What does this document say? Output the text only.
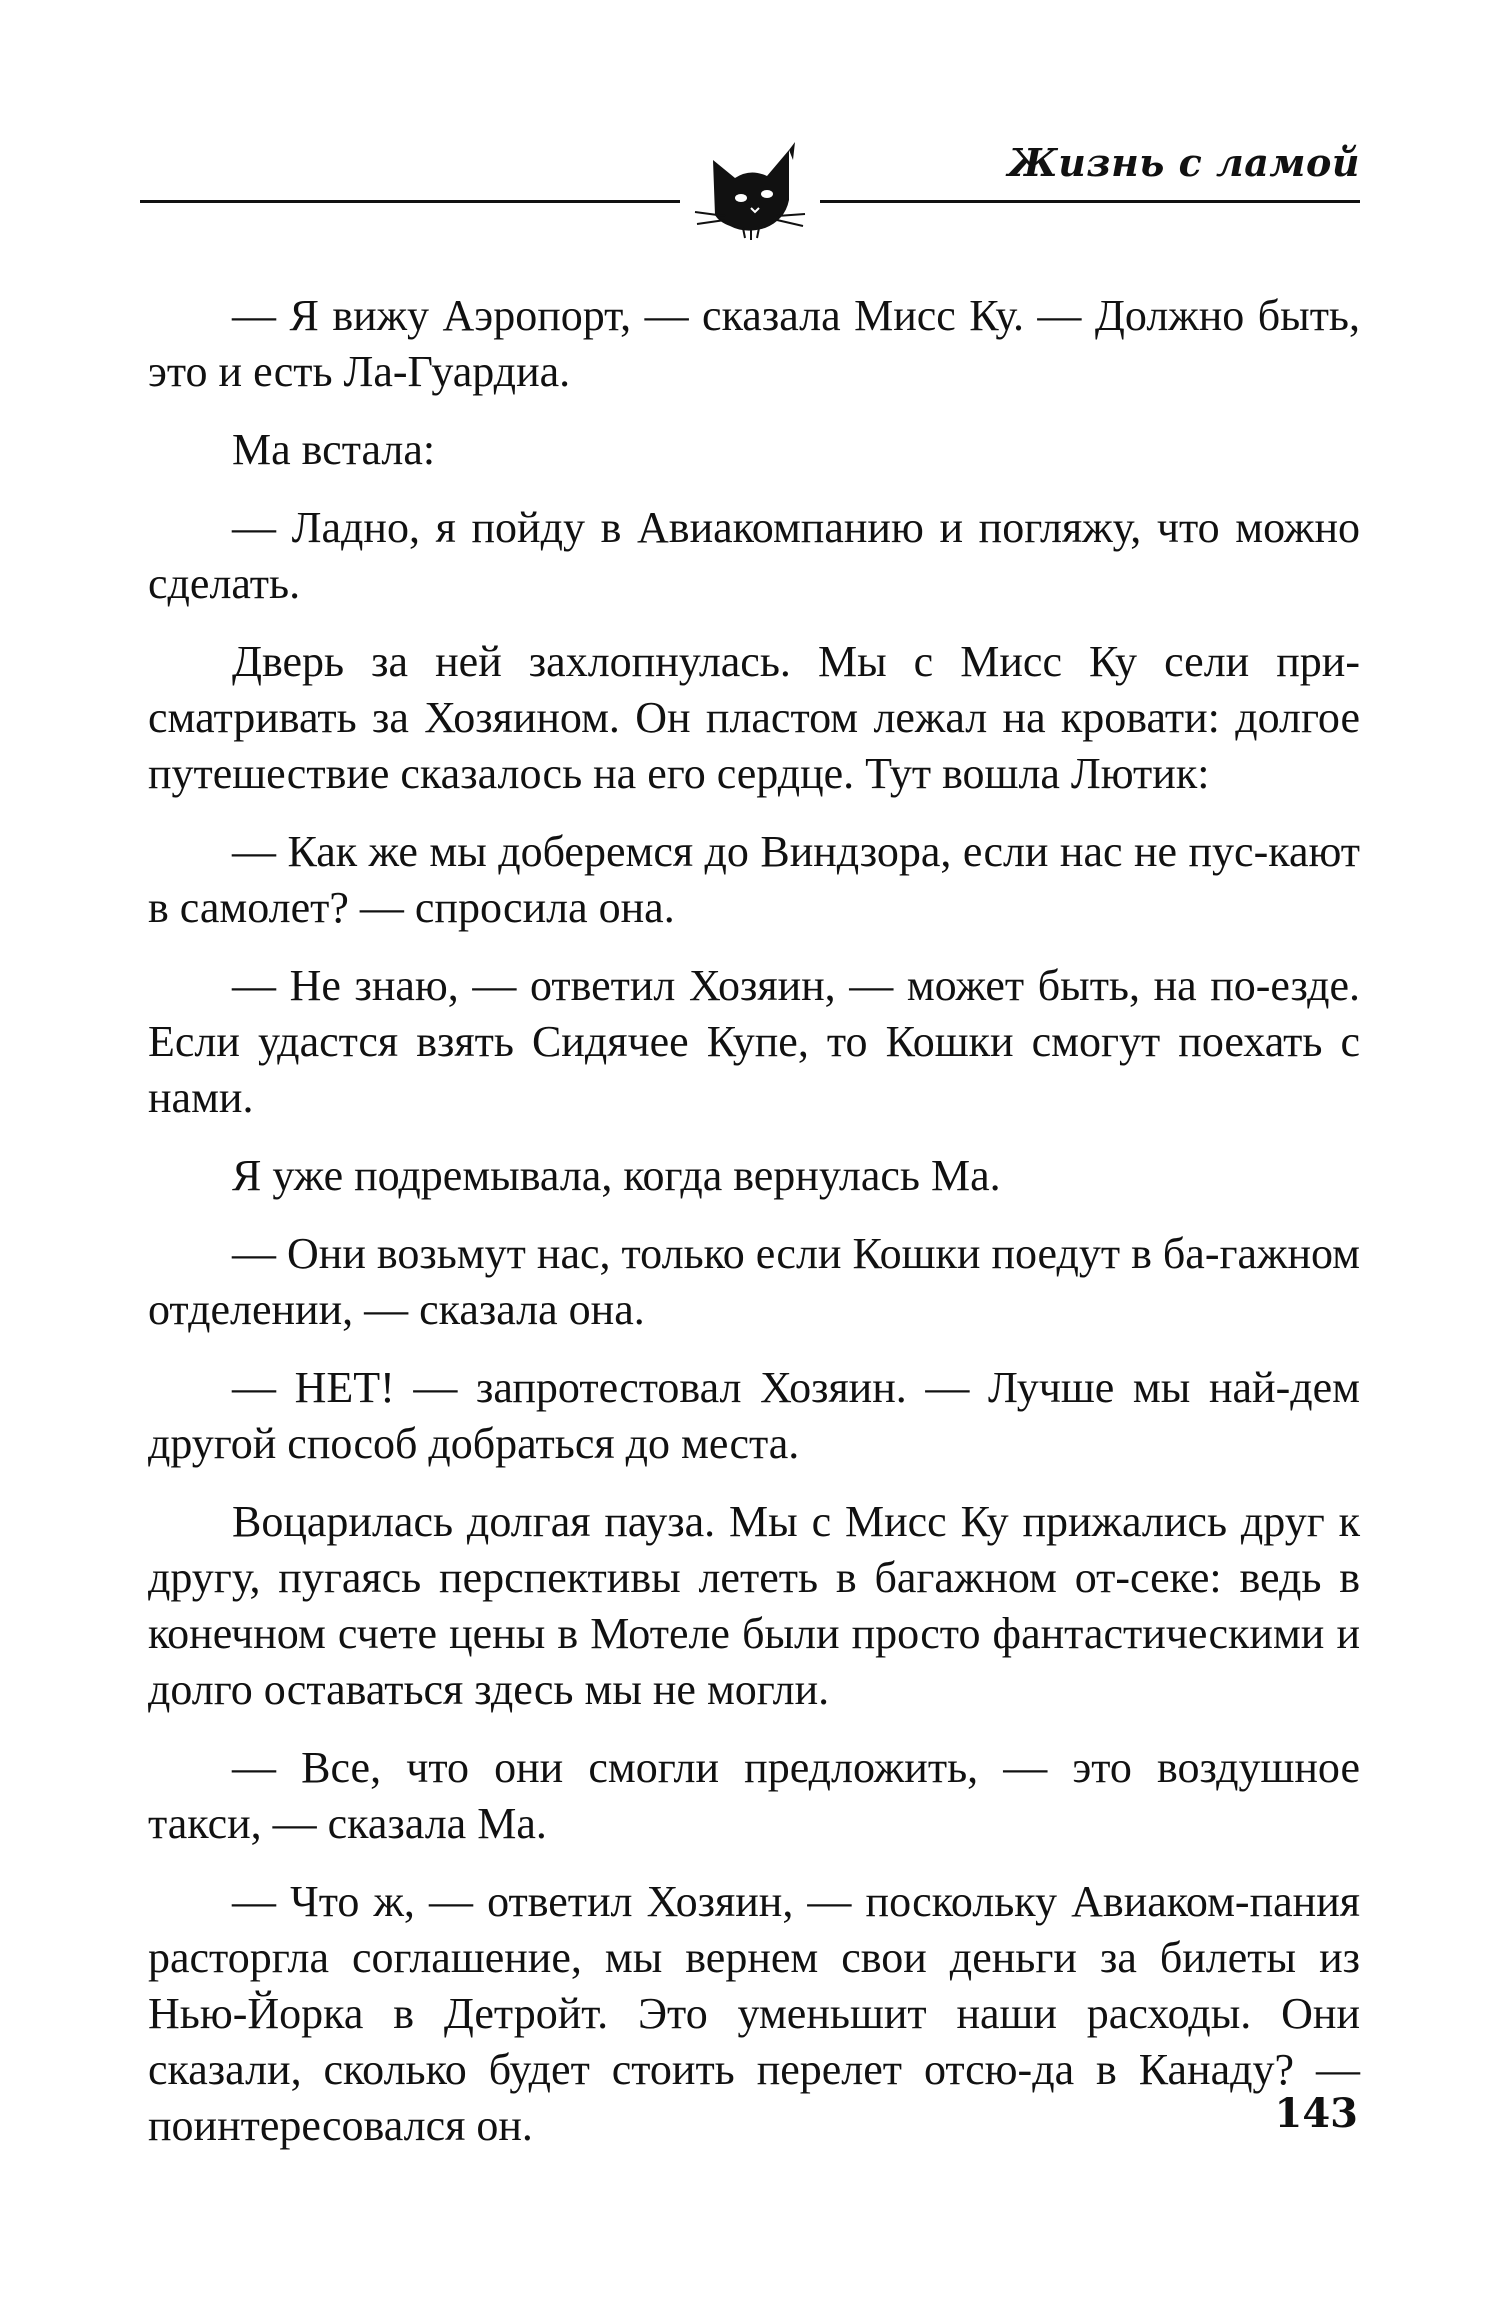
Жизнь с ламой

— Я вижу Аэропорт, — сказала Мисс Ку. — Должно быть, это и есть Ла-Гуардиа.

Ма встала:

— Ладно, я пойду в Авиакомпанию и погляжу, что можно сделать.

Дверь за ней захлопнулась. Мы с Мисс Ку сели при-сматривать за Хозяином. Он пластом лежал на кровати: долгое путешествие сказалось на его сердце. Тут вошла Лютик:

— Как же мы доберемся до Виндзора, если нас не пус-кают в самолет? — спросила она.

— Не знаю, — ответил Хозяин, — может быть, на по-езде. Если удастся взять Сидячее Купе, то Кошки смогут поехать с нами.

Я уже подремывала, когда вернулась Ма.

— Они возьмут нас, только если Кошки поедут в ба-гажном отделении, — сказала она.

— НЕТ! — запротестовал Хозяин. — Лучше мы най-дем другой способ добраться до места.

Воцарилась долгая пауза. Мы с Мисс Ку прижались друг к другу, пугаясь перспективы лететь в багажном от-секе: ведь в конечном счете цены в Мотеле были просто фантастическими и долго оставаться здесь мы не могли.

— Все, что они смогли предложить, — это воздушное такси, — сказала Ма.

— Что ж, — ответил Хозяин, — поскольку Авиаком-пания расторгла соглашение, мы вернем свои деньги за билеты из Нью-Йорка в Детройт. Это уменьшит наши расходы. Они сказали, сколько будет стоить перелет отсю-да в Канаду? — поинтересовался он.	143
